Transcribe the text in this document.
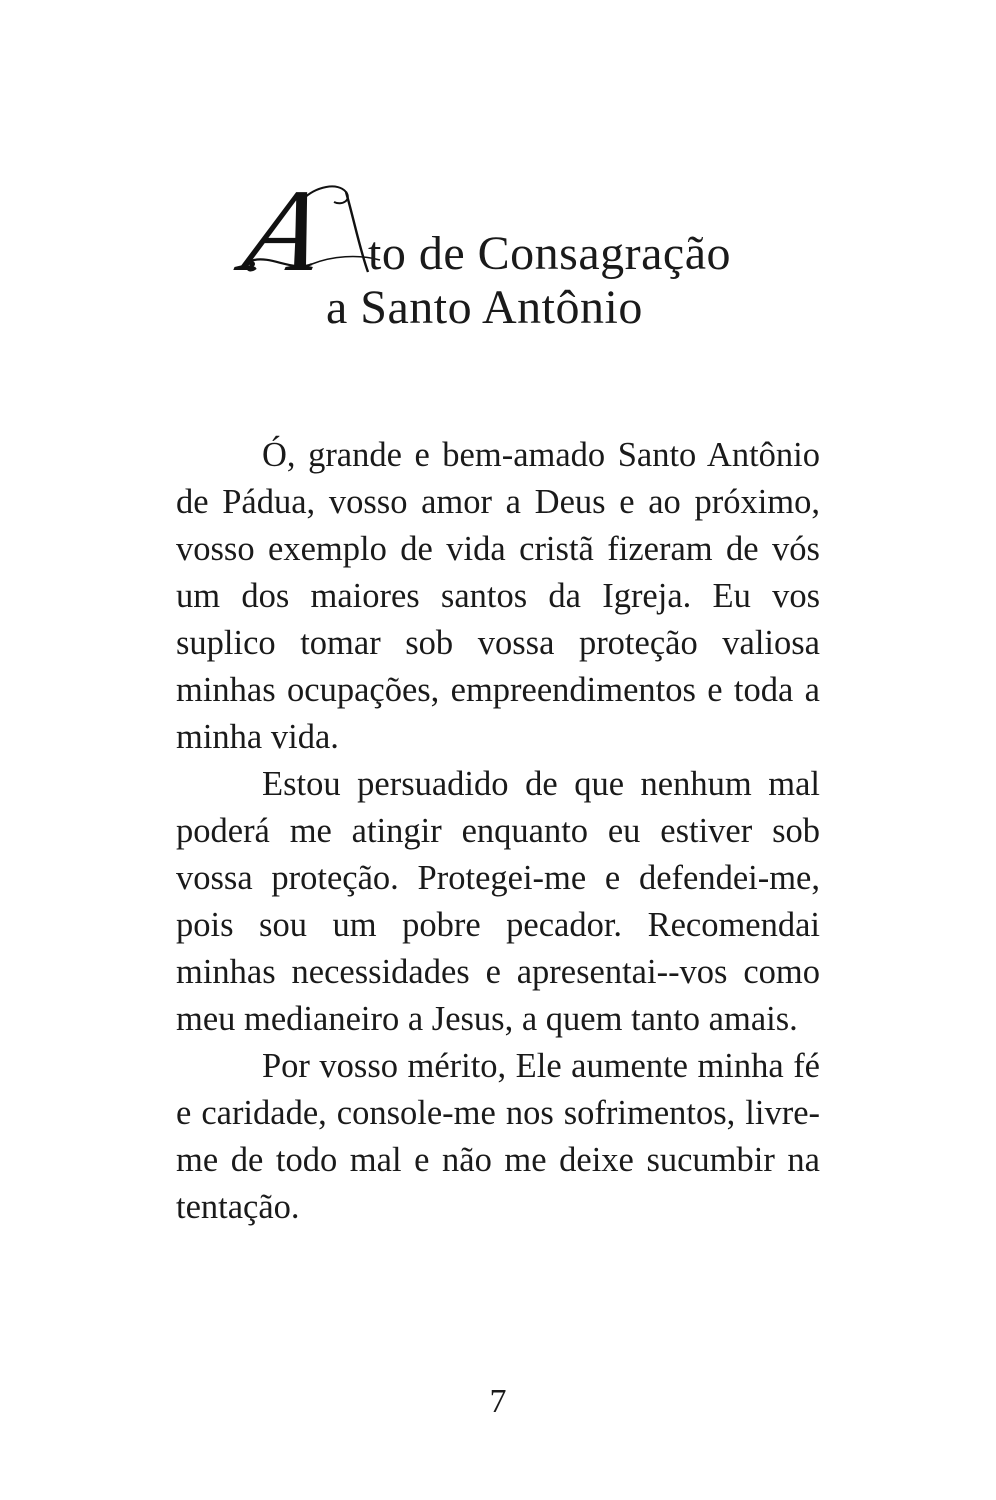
A to de Consagração
a Santo Antônio

Ó, grande e bem-amado Santo Antônio de Pádua, vosso amor a Deus e ao próximo, vosso exemplo de vida cristã fizeram de vós um dos maiores santos da Igreja. Eu vos suplico tomar sob vossa proteção valiosa minhas ocupações, empreendimentos e toda a minha vida.

Estou persuadido de que nenhum mal poderá me atingir enquanto eu estiver sob vossa proteção. Protegei-me e defendei-me, pois sou um pobre pecador. Recomendai minhas necessidades e apresentai--vos como meu medianeiro a Jesus, a quem tanto amais.

Por vosso mérito, Ele aumente minha fé e caridade, console-me nos sofrimentos, livre-me de todo mal e não me deixe sucumbir na tentação.

7
